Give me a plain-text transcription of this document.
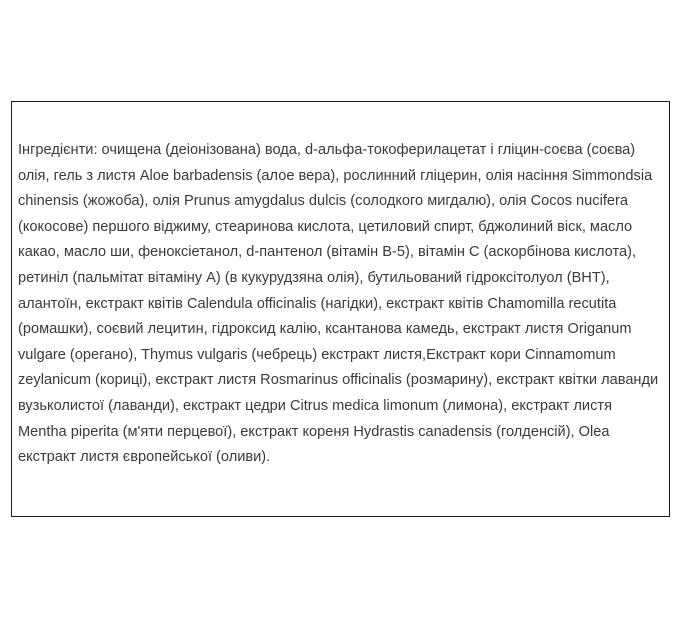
Інгредієнти: очищена (деіонізована) вода, d-альфа-токоферилацетат і гліцин-соєва (соєва) олія, гель з листя Aloe barbadensis (алое вера), рослинний гліцерин, олія насіння Simmondsia chinensis (жожоба), олія Prunus amygdalus dulcis (солодкого мигдалю), олія Cocos nucifera (кокосове) першого віджиму, стеаринова кислота, цетиловий спирт, бджолиний віск, масло какао, масло ши, феноксіетанол, d-пантенол (вітамін B-5), вітамін C (аскорбінова кислота), ретиніл (пальмітат вітаміну A) (в кукурудзяна олія), бутильований гідроксітолуол (BHT), алантоїн, екстракт квітів Calendula officinalis (нагідки), екстракт квітів Chamomilla recutita (ромашки), соєвий лецитин, гідроксид калію, ксантанова камедь, екстракт листя Origanum vulgare (орегано), Thymus vulgaris (чебрець) екстракт листя,Екстракт кори Cinnamomum zeylanicum (кориці), екстракт листя Rosmarinus officinalis (розмарину), екстракт квітки лаванди вузьколистої (лаванди), екстракт цедри Citrus medica limonum (лимона), екстракт листя Mentha piperita (м'яти перцевої), екстракт кореня Hydrastis canadensis (голденсій), Olea екстракт листя європейської (оливи).
